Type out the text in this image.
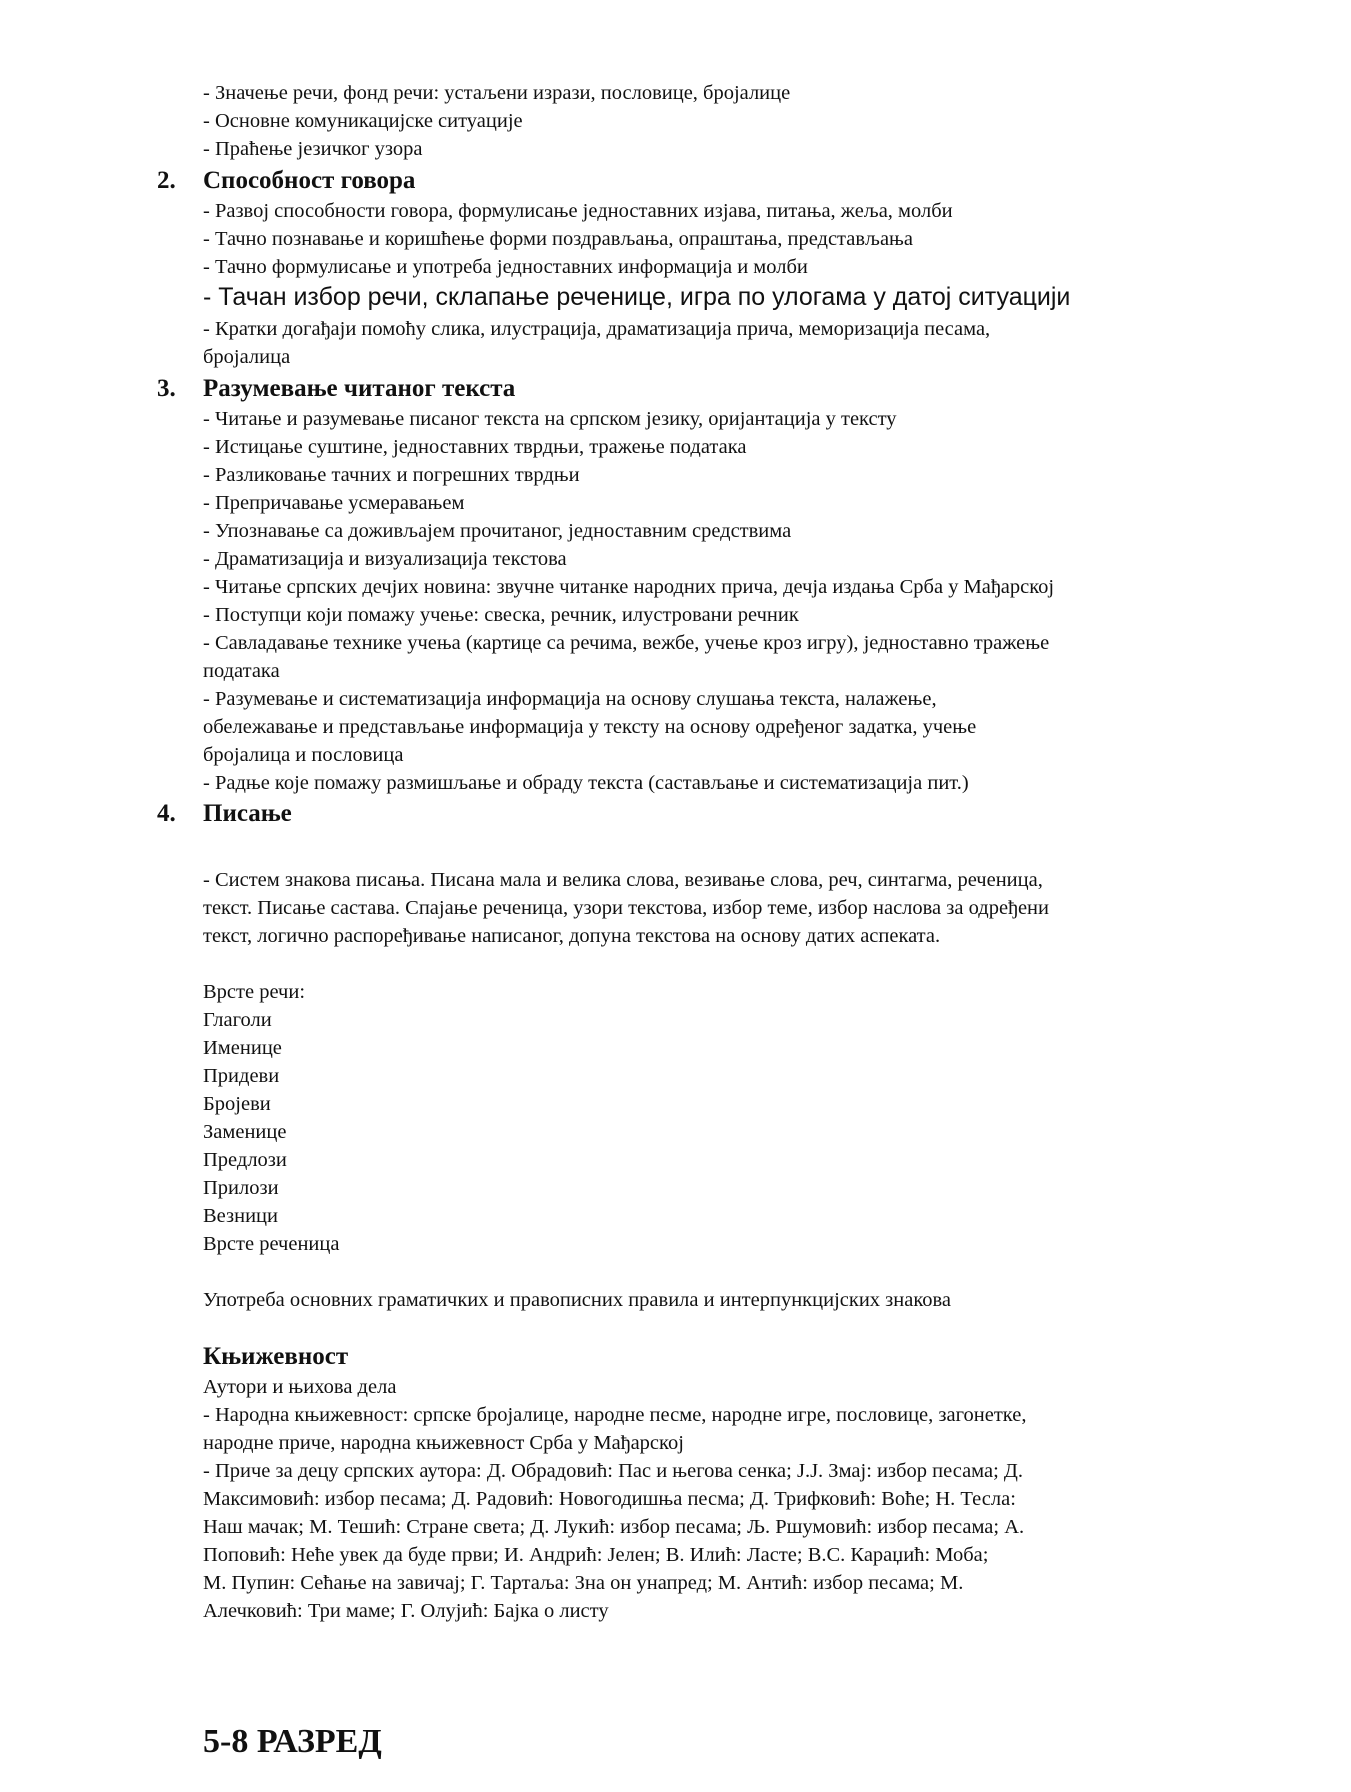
- Значење речи, фонд речи: устаљени изрази, пословице, бројалице
- Основне комуникацијске ситуације
- Праћење језичког узора
2. Способност говора
- Развој способности говора, формулисање једноставних изјава, питања, жеља, молби
- Тачно познавање и коришћење форми поздрављања, опраштања, представљања
- Тачно формулисање и употреба једноставних информација и молби
- Тачан избор речи, склапање реченице, игра по улогама у датој ситуацији
- Кратки догађаји помоћу слика, илустрација, драматизација прича, меморизација песама,
бројалица
3. Разумевање читаног текста
- Читање и разумевање писаног текста на српском језику, оријантација у тексту
- Истицање суштине, једноставних тврдњи, тражење података
- Разликовање тачних и погрешних тврдњи
- Препричавање усмеравањем
- Упознавање са доживљајем прочитаног, једноставним средствима
- Драматизација и визуализација текстова
- Читање српских дечјих новина: звучне читанке народних прича, дечја издања Срба у Мађарској
- Поступци који помажу учење: свеска, речник, илустровани речник
- Савладавање технике учења (картице са речима, вежбе, учење кроз игру), једноставно тражење
података
- Разумевање и систематизација информација на основу слушања текста, налажење,
обележавање и представљање информација у тексту на основу одређеног задатка, учење
бројалица и пословица
- Радње које помажу размишљање и обраду текста (састављање и систематизација пит.)
4. Писање
- Систем знакова писања. Писана мала и велика слова, везивање слова, реч, синтагма, реченица,
текст. Писање састава. Спајање реченица, узори текстова, избор теме, избор наслова за одређени
текст, логично распоређивање написаног, допуна текстова на основу датих аспеката.
Врсте речи:
Глаголи
Именице
Придеви
Бројеви
Заменице
Предлози
Прилози
Везници
Врсте реченица
Употреба основних граматичких и правописних правила и интерпункцијских знакова
Књижевност
Аутори и њихова дела
- Народна књижевност: српске бројалице, народне песме, народне игре, пословице, загонетке,
народне приче, народна књижевност Срба у Мађарској
- Приче за децу српских аутора: Д. Обрадовић: Пас и његова сенка; Ј.Ј. Змај: избор песама; Д.
Максимовић: избор песама; Д. Радовић: Новогодишња песма; Д. Трифковић: Воће; Н. Тесла:
Наш мачак; М. Тешић: Стране света; Д. Лукић: избор песама; Љ. Ршумовић: избор песама; А.
Поповић: Неће увек да буде први; И. Андрић: Јелен; В. Илић: Ласте; В.С. Караџић: Моба;
М. Пупин: Сећање на завичај; Г. Тартаља: Зна он унапред; М. Антић: избор песама; М.
Алечковић: Три маме; Г. Олујић: Бајка о листу
5-8 РАЗРЕД
